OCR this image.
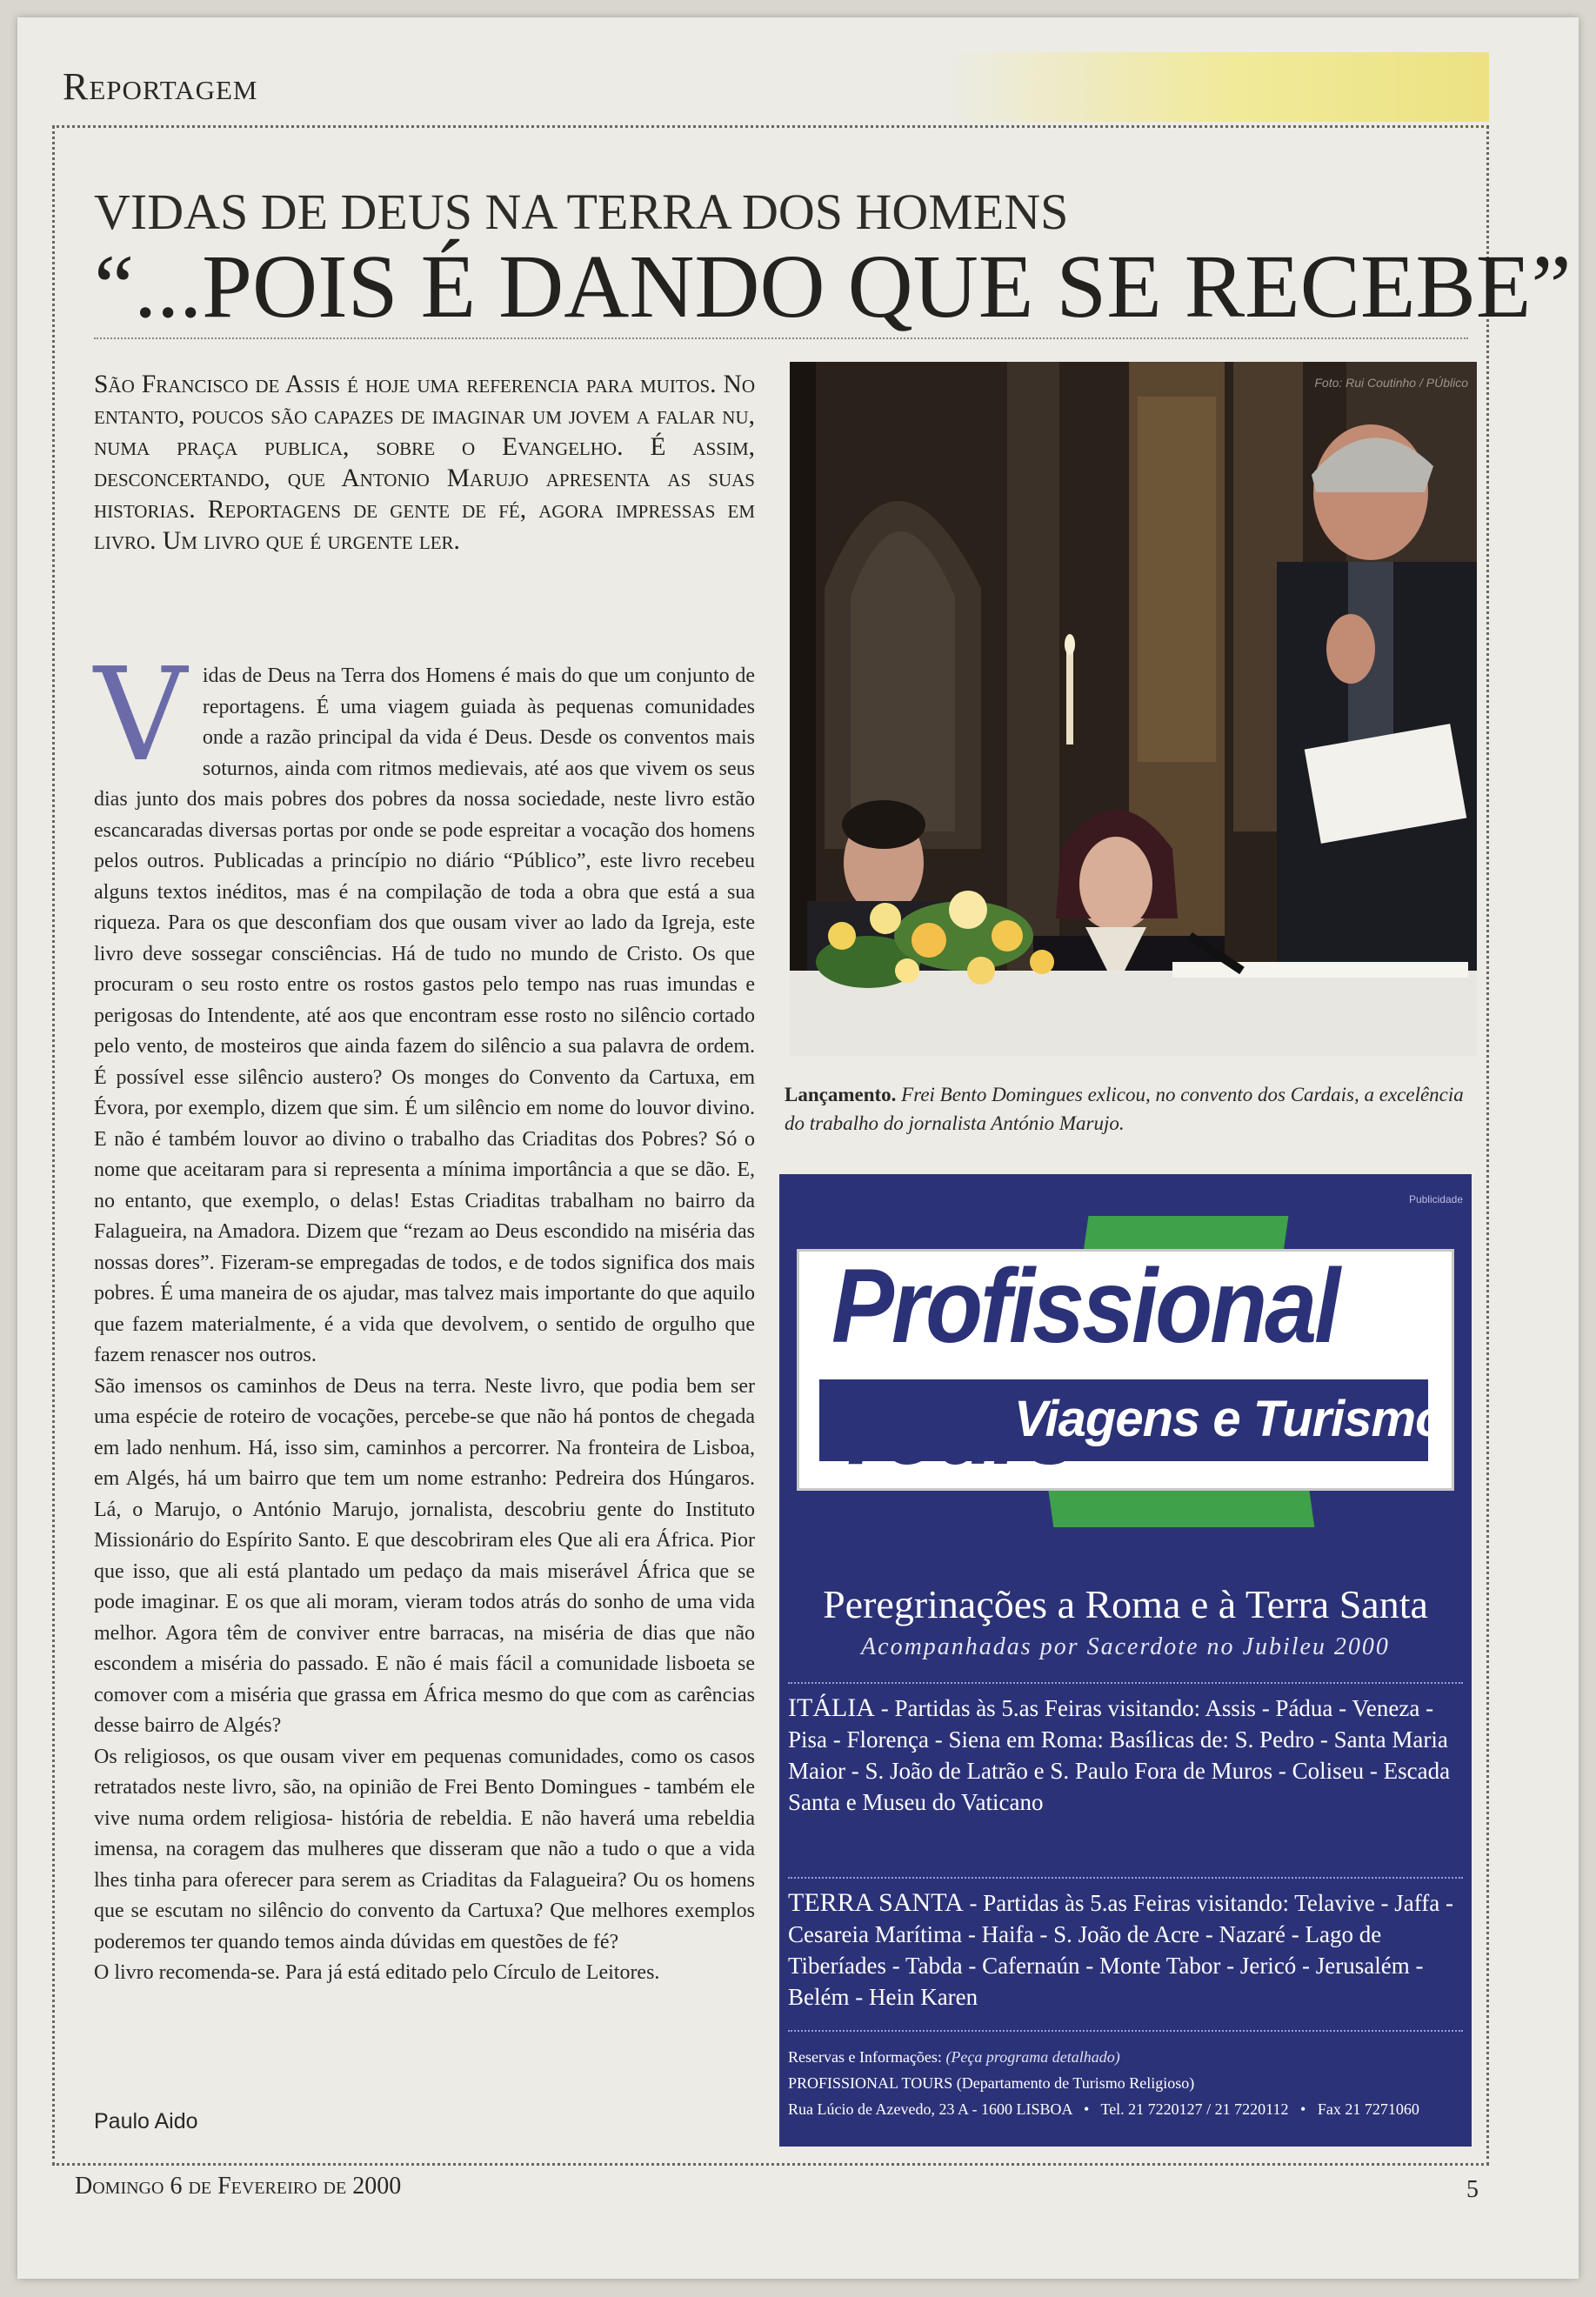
Reportagem
VIDAS DE DEUS NA TERRA DOS HOMENS
“...POIS É DANDO QUE SE RECEBE”
São Francisco de Assis é hoje uma referencia para muitos. No entanto, poucos são capazes de imaginar um jovem a falar nu, numa praça publica, sobre o Evangelho. É assim, desconcertando, que Antonio Marujo apresenta as suas historias. Reportagens de gente de fé, agora impressas em livro. Um livro que é urgente ler.

Vidas de Deus na Terra dos Homens é mais do que um conjunto de reportagens. É uma viagem guiada às pequenas comunidades onde a razão principal da vida é Deus. Desde os conventos mais soturnos, ainda com ritmos medievais, até aos que vivem os seus dias junto dos mais pobres dos pobres da nossa sociedade, neste livro estão escancaradas diversas portas por onde se pode espreitar a vocação dos homens pelos outros. Publicadas a princípio no diário “Público”, este livro recebeu alguns textos inéditos, mas é na compilação de toda a obra que está a sua riqueza. Para os que desconfiam dos que ousam viver ao lado da Igreja, este livro deve sossegar consciências. Há de tudo no mundo de Cristo. Os que procuram o seu rosto entre os rostos gastos pelo tempo nas ruas imundas e perigosas do Intendente, até aos que encontram esse rosto no silêncio cortado pelo vento, de mosteiros que ainda fazem do silêncio a sua palavra de ordem. É possível esse silêncio austero? Os monges do Convento da Cartuxa, em Évora, por exemplo, dizem que sim. É um silêncio em nome do louvor divino. E não é também louvor ao divino o trabalho das Criaditas dos Pobres? Só o nome que aceitaram para si representa a mínima importância a que se dão. E, no entanto, que exemplo, o delas! Estas Criaditas trabalham no bairro da Falagueira, na Amadora. Dizem que “rezam ao Deus escondido na miséria das nossas dores”. Fizeram-se empregadas de todos, e de todos significa dos mais pobres. É uma maneira de os ajudar, mas talvez mais importante do que aquilo que fazem materialmente, é a vida que devolvem, o sentido de orgulho que fazem renascer nos outros.

São imensos os caminhos de Deus na terra. Neste livro, que podia bem ser uma espécie de roteiro de vocações, percebe-se que não há pontos de chegada em lado nenhum. Há, isso sim, caminhos a percorrer. Na fronteira de Lisboa, em Algés, há um bairro que tem um nome estranho: Pedreira dos Húngaros. Lá, o Marujo, o António Marujo, jornalista, descobriu gente do Instituto Missionário do Espírito Santo. E que descobriram eles Que ali era África. Pior que isso, que ali está plantado um pedaço da mais miserável África que se pode imaginar. E os que ali moram, vieram todos atrás do sonho de uma vida melhor. Agora têm de conviver entre barracas, na miséria de dias que não escondem a miséria do passado. E não é mais fácil a comunidade lisboeta se comover com a miséria que grassa em África mesmo do que com as carências desse bairro de Algés?

Os religiosos, os que ousam viver em pequenas comunidades, como os casos retratados neste livro, são, na opinião de Frei Bento Domingues - também ele vive numa ordem religiosa- história de rebeldia. E não haverá uma rebeldia imensa, na coragem das mulheres que disseram que não a tudo o que a vida lhes tinha para oferecer para serem as Criaditas da Falagueira? Ou os homens que se escutam no silêncio do convento da Cartuxa? Que melhores exemplos poderemos ter quando temos ainda dúvidas em questões de fé?

O livro recomenda-se. Para já está editado pelo Círculo de Leitores.

Paulo Aido
Foto: Rui Coutinho / PÚblico
Lançamento. Frei Bento Domingues exlicou, no convento dos Cardais, a excelência do trabalho do jornalista António Marujo.
Publicidade
Profissional
Viagens e Turismo
Peregrinações a Roma e à Terra Santa
Acompanhadas por Sacerdote no Jubileu 2000
ITÁLIA - Partidas às 5.as Feiras visitando: Assis - Pádua - Veneza - Pisa - Florença - Siena em Roma: Basílicas de: S. Pedro - Santa Maria Maior - S. João de Latrão e S. Paulo Fora de Muros - Coliseu - Escada Santa e Museu do Vaticano
TERRA SANTA - Partidas às 5.as Feiras visitando: Telavive - Jaffa - Cesareia Marítima - Haifa - S. João de Acre - Nazaré - Lago de Tiberíades - Tabda - Cafernaún - Monte Tabor - Jericó - Jerusalém - Belém - Hein Karen
Reservas e Informações: (Peça programa detalhado)
PROFISSIONAL TOURS (Departamento de Turismo Religioso)
Rua Lúcio de Azevedo, 23 A - 1600 LISBOA   •   Tel. 21 7220127 / 21 7220112   •   Fax 21 7271060
Domingo 6 de Fevereiro de 2000	5
